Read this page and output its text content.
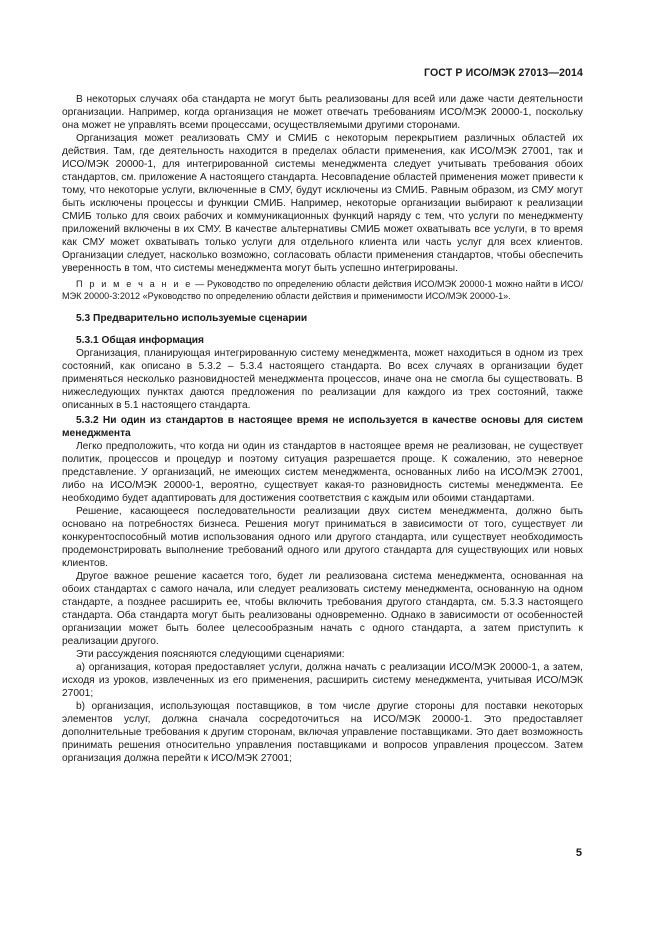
ГОСТ Р ИСО/МЭК 27013—2014

В некоторых случаях оба стандарта не могут быть реализованы для всей или даже части деятельности организации. Например, когда организация не может отвечать требованиям ИСО/МЭК 20000-1, поскольку она может не управлять всеми процессами, осуществляемыми другими сторонами.

Организация может реализовать СМУ и СМИБ с некоторым перекрытием различных областей их действия. Там, где деятельность находится в пределах области применения, как ИСО/МЭК 27001, так и ИСО/МЭК 20000-1, для интегрированной системы менеджмента следует учитывать требования обоих стандартов, см. приложение А настоящего стандарта. Несовпадение областей применения может привести к тому, что некоторые услуги, включенные в СМУ, будут исключены из СМИБ. Равным образом, из СМУ могут быть исключены процессы и функции СМИБ. Например, некоторые организации выбирают к реализации СМИБ только для своих рабочих и коммуникационных функций наряду с тем, что услуги по менеджменту приложений включены в их СМУ. В качестве альтернативы СМИБ может охватывать все услуги, в то время как СМУ может охватывать только услуги для отдельного клиента или часть услуг для всех клиентов. Организации следует, насколько возможно, согласовать области применения стандартов, чтобы обеспечить уверенность в том, что системы менеджмента могут быть успешно интегрированы.

П р и м е ч а н и е — Руководство по определению области действия ИСО/МЭК 20000-1 можно найти в ИСО/МЭК 20000-3:2012 «Руководство по определению области действия и применимости ИСО/МЭК 20000-1».

5.3 Предварительно используемые сценарии

5.3.1 Общая информация

Организация, планирующая интегрированную систему менеджмента, может находиться в одном из трех состояний, как описано в 5.3.2 – 5.3.4 настоящего стандарта. Во всех случаях в организации будет применяться несколько разновидностей менеджмента процессов, иначе она не смогла бы существовать. В нижеследующих пунктах даются предложения по реализации для каждого из трех состояний, также описанных в 5.1 настоящего стандарта.

5.3.2 Ни один из стандартов в настоящее время не используется в качестве основы для систем менеджмента

Легко предположить, что когда ни один из стандартов в настоящее время не реализован, не существует политик, процессов и процедур и поэтому ситуация разрешается проще. К сожалению, это неверное представление. У организаций, не имеющих систем менеджмента, основанных либо на ИСО/МЭК 27001, либо на ИСО/МЭК 20000-1, вероятно, существует какая-то разновидность системы менеджмента. Ее необходимо будет адаптировать для достижения соответствия с каждым или обоими стандартами.

Решение, касающееся последовательности реализации двух систем менеджмента, должно быть основано на потребностях бизнеса. Решения могут приниматься в зависимости от того, существует ли конкурентоспособный мотив использования одного или другого стандарта, или существует необходимость продемонстрировать выполнение требований одного или другого стандарта для существующих или новых клиентов.

Другое важное решение касается того, будет ли реализована система менеджмента, основанная на обоих стандартах с самого начала, или следует реализовать систему менеджмента, основанную на одном стандарте, а позднее расширить ее, чтобы включить требования другого стандарта, см. 5.3.3 настоящего стандарта. Оба стандарта могут быть реализованы одновременно. Однако в зависимости от особенностей организации может быть более целесообразным начать с одного стандарта, а затем приступить к реализации другого.

Эти рассуждения поясняются следующими сценариями:

а) организация, которая предоставляет услуги, должна начать с реализации ИСО/МЭК 20000-1, а затем, исходя из уроков, извлеченных из его применения, расширить систему менеджмента, учитывая ИСО/МЭК 27001;

b) организация, использующая поставщиков, в том числе другие стороны для поставки некоторых элементов услуг, должна сначала сосредоточиться на ИСО/МЭК 20000-1. Это предоставляет дополнительные требования к другим сторонам, включая управление поставщиками. Это дает возможность принимать решения относительно управления поставщиками и вопросов управления процессом. Затем организация должна перейти к ИСО/МЭК 27001;

5
